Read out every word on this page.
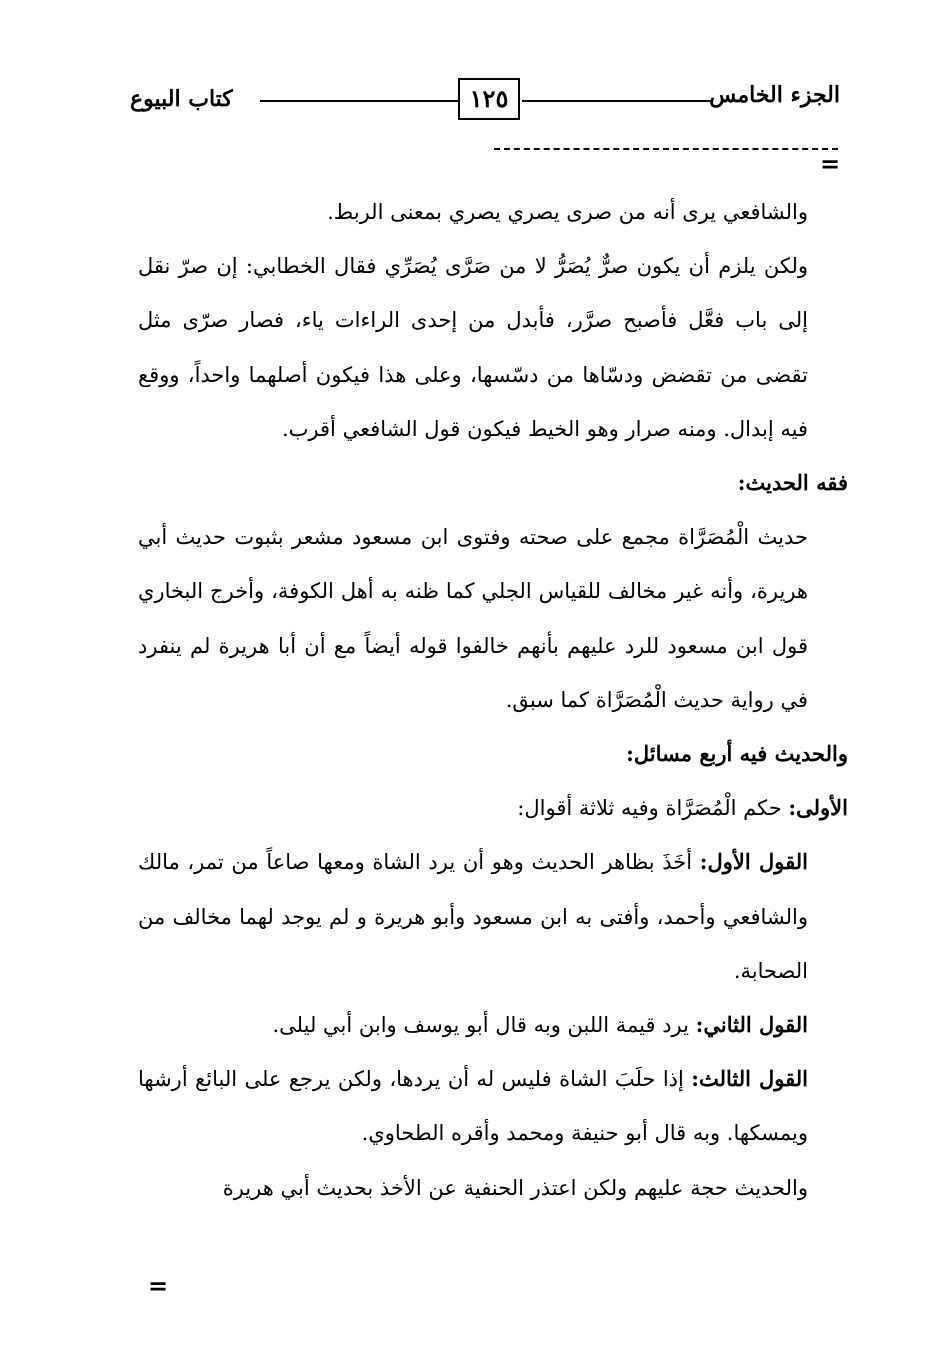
الجزء الخامس
١٢٥
كتاب البيوع
=

والشافعي يرى أنه من صرى يصري يصري بمعنى الربط.

ولكن يلزم أن يكون صرٌّ يُصَرُّ لا من صَرَّى يُصَرِّي فقال الخطابي: إن صرّ نقل إلى باب فعَّل فأصبح صرَّر، فأبدل من إحدى الراءات ياء، فصار صرّى مثل تقضى من تقضض ودسّاها من دسّسها، وعلى هذا فيكون أصلهما واحداً، ووقع فيه إبدال. ومنه صرار وهو الخيط فيكون قول الشافعي أقرب.

فقه الحديث:

حديث الْمُصَرَّاة مجمع على صحته وفتوى ابن مسعود مشعر بثبوت حديث أبي هريرة، وأنه غير مخالف للقياس الجلي كما ظنه به أهل الكوفة، وأخرج البخاري قول ابن مسعود للرد عليهم بأنهم خالفوا قوله أيضاً مع أن أبا هريرة لم ينفرد في رواية حديث الْمُصَرَّاة كما سبق.

والحديث فيه أربع مسائل:

الأولى: حكم الْمُصَرَّاة وفيه ثلاثة أقوال:

القول الأول: أخَذَ بظاهر الحديث وهو أن يرد الشاة ومعها صاعاً من تمر، مالك والشافعي وأحمد، وأفتى به ابن مسعود وأبو هريرة و لم يوجد لهما مخالف من الصحابة.

القول الثاني: يرد قيمة اللبن وبه قال أبو يوسف وابن أبي ليلى.

القول الثالث: إذا حلَبَ الشاة فليس له أن يردها، ولكن يرجع على البائع أرشها ويمسكها. وبه قال أبو حنيفة ومحمد وأقره الطحاوي.

والحديث حجة عليهم ولكن اعتذر الحنفية عن الأخذ بحديث أبي هريرة

=
